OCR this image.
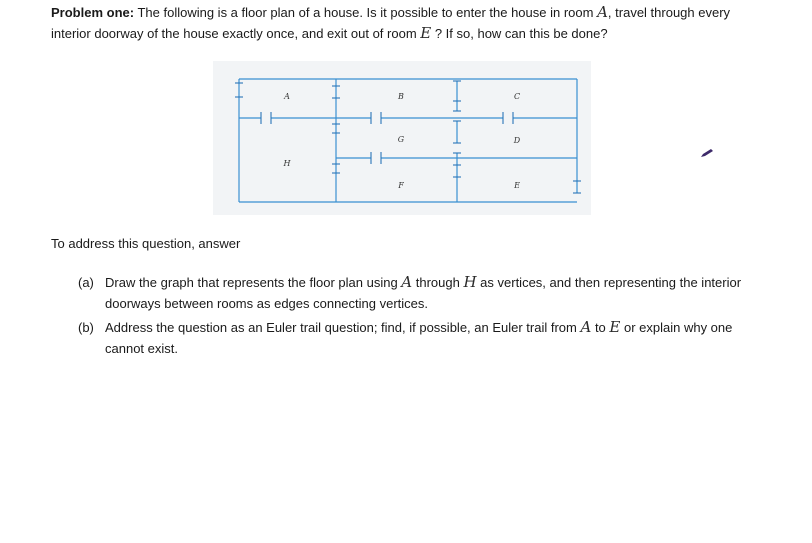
Problem one: The following is a floor plan of a house. Is it possible to enter the house in room A, travel through every interior doorway of the house exactly once, and exit out of room E ? If so, how can this be done?

A	B	C
D
E
F
G
H

To address this question, answer

(a) Draw the graph that represents the floor plan using A through H as vertices, and then representing the interior doorways between rooms as edges connecting vertices.
(b) Address the question as an Euler trail question; find, if possible, an Euler trail from A to E or explain why one cannot exist.
